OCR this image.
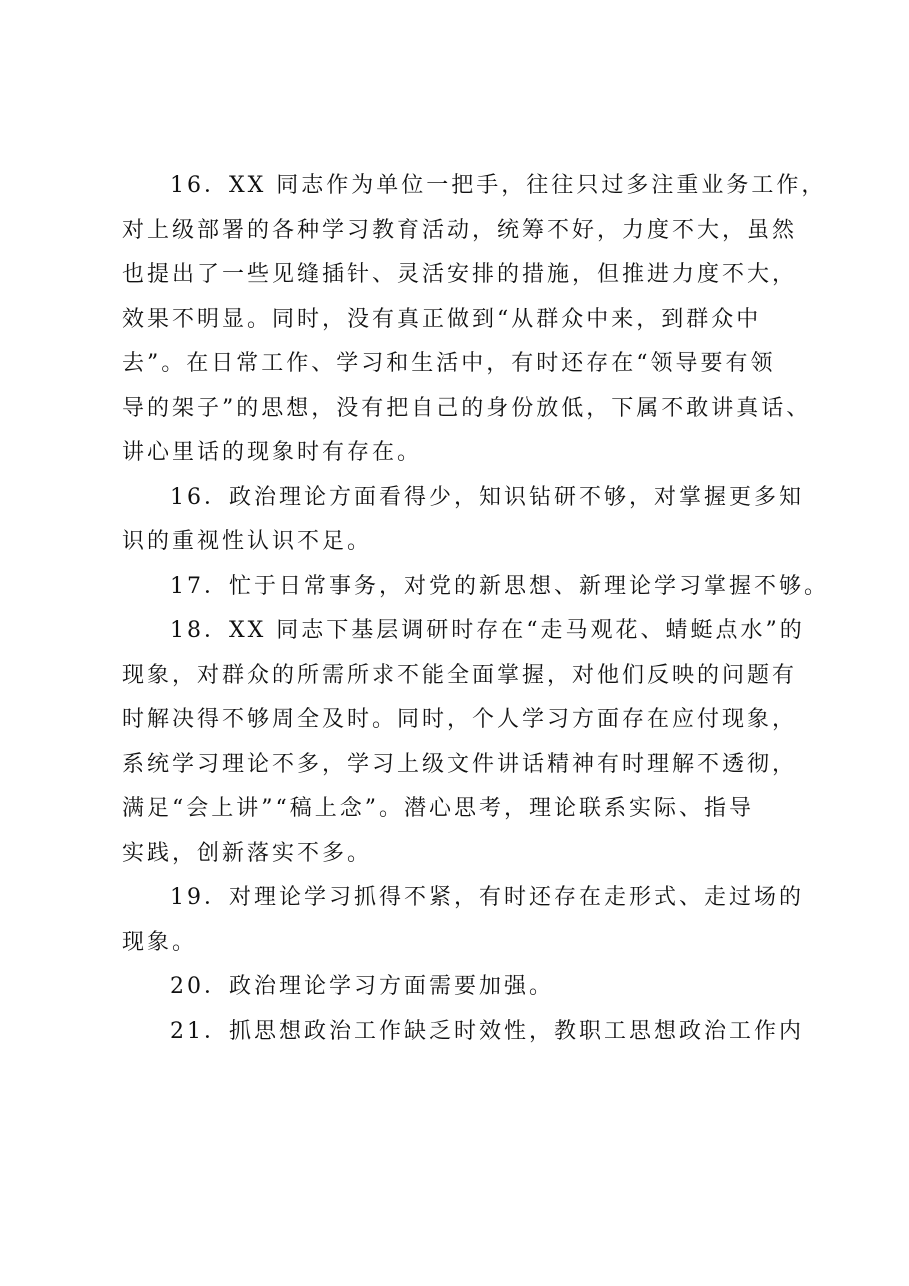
16．XX 同志作为单位一把手，往往只过多注重业务工作，

对上级部署的各种学习教育活动，统筹不好，力度不大，虽然

也提出了一些见缝插针、灵活安排的措施，但推进力度不大，

效果不明显。同时，没有真正做到“从群众中来，到群众中

去”。在日常工作、学习和生活中，有时还存在“领导要有领

导的架子”的思想，没有把自己的身份放低，下属不敢讲真话、

讲心里话的现象时有存在。

16．政治理论方面看得少，知识钻研不够，对掌握更多知

识的重视性认识不足。

17．忙于日常事务，对党的新思想、新理论学习掌握不够。

18．XX 同志下基层调研时存在“走马观花、蜻蜓点水”的

现象，对群众的所需所求不能全面掌握，对他们反映的问题有

时解决得不够周全及时。同时，个人学习方面存在应付现象，

系统学习理论不多，学习上级文件讲话精神有时理解不透彻，

满足“会上讲”“稿上念”。潜心思考，理论联系实际、指导

实践，创新落实不多。

19．对理论学习抓得不紧，有时还存在走形式、走过场的

现象。

20．政治理论学习方面需要加强。

21．抓思想政治工作缺乏时效性，教职工思想政治工作内
